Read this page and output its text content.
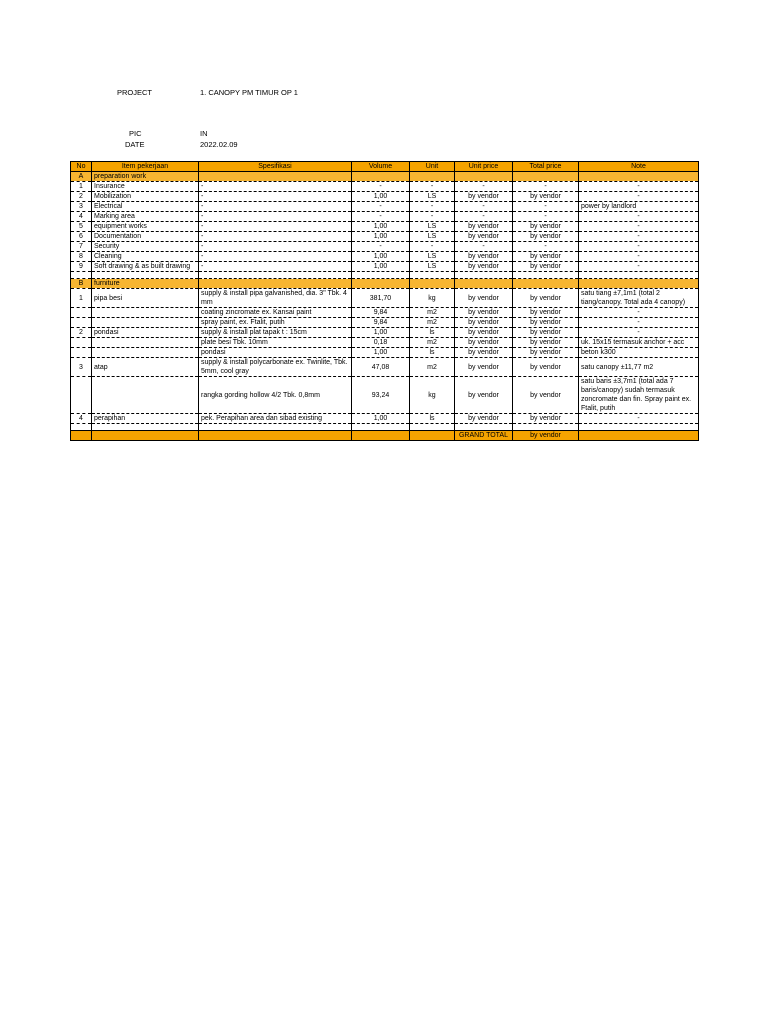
PROJECT	1. CANOPY PM TIMUR OP 1
PIC	IN
DATE	2022.02.09
No	Item pekerjaan	Spesifikasi	Volume	Unit	Unit price	Total price	Note
A	preparation work						
1	Insurance	-	-	-	-	-	-
2	Mobilization	-	1,00	LS	by vendor	by vendor	-
3	Electrical	-	-	-	-	-	power by landlord
4	Marking area	-	-	-	-	-	-
5	equipment works	-	1,00	LS	by vendor	by vendor	-
6	Documentation	-	1,00	LS	by vendor	by vendor	-
7	Security	-	-	-	-	-	-
8	Cleaning	-	1,00	LS	by vendor	by vendor	-
9	Soft drawing & as built drawing	-	1,00	LS	by vendor	by vendor	-

B	furniture						
1	pipa besi	supply & install pipa galvanished, dia. 3" Tbk. 4 mm	381,70	kg	by vendor	by vendor	satu tiang ±7,1m1 (total 2 tiang/canopy. Total ada 4 canopy)
		coating zincromate ex. Kansai paint	9,84	m2	by vendor	by vendor	-
		spray paint, ex. Ftalit, putih	9,84	m2	by vendor	by vendor	-
2	pondasi	supply & install plat tapak t : 15cm	1,00	ls	by vendor	by vendor	-
		plate besi Tbk. 10mm	0,18	m2	by vendor	by vendor	uk. 15x15 termasuk anchor + acc
		pondasi	1,00	ls	by vendor	by vendor	beton k300
3	atap	supply & install polycarbonate ex. Twinlite, Tbk. 5mm, cool gray	47,08	m2	by vendor	by vendor	satu canopy ±11,77 m2
		rangka gording hollow 4/2 Tbk. 0,8mm	93,24	kg	by vendor	by vendor	satu baris ±3,7m1 (total ada 7 baris/canopy) sudah termasuk zoncromate dan fin. Spray paint ex. Ftalit, putih
4	perapihan	pek. Perapihan area dan sibad existing	1,00	ls	by vendor	by vendor	-

					GRAND TOTAL	by vendor	
